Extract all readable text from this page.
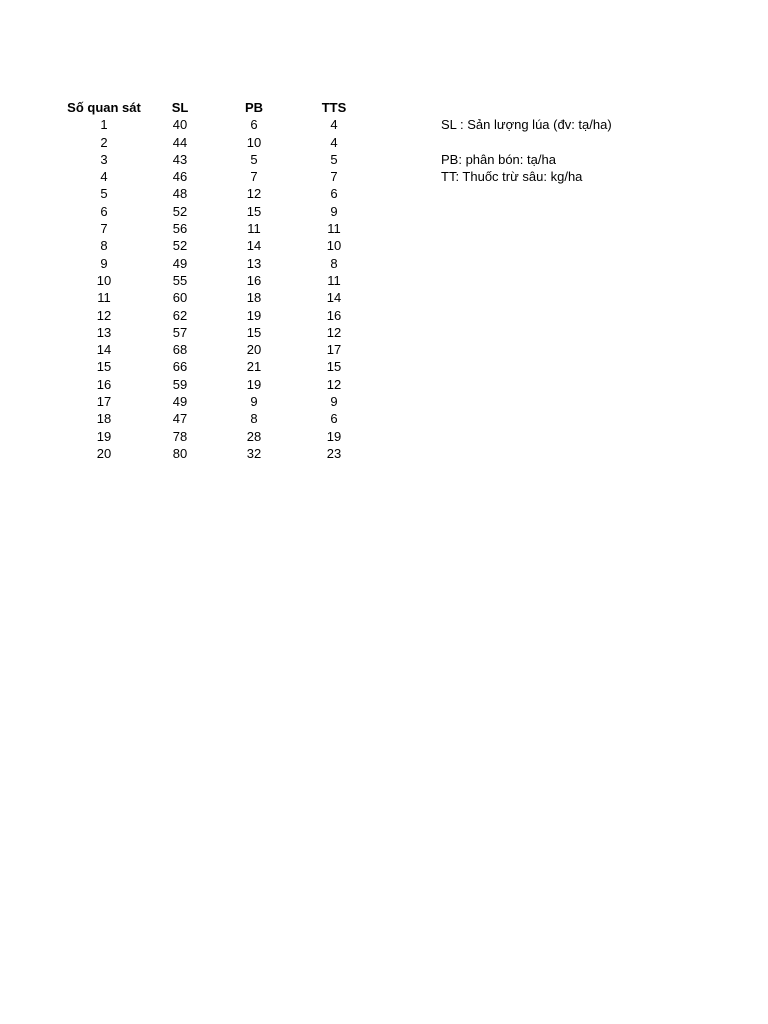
Số quan sát	SL	PB	TTS
1	40	6	4
2	44	10	4
3	43	5	5
4	46	7	7
5	48	12	6
6	52	15	9
7	56	11	11
8	52	14	10
9	49	13	8
10	55	16	11
11	60	18	14
12	62	19	16
13	57	15	12
14	68	20	17
15	66	21	15
16	59	19	12
17	49	9	9
18	47	8	6
19	78	28	19
20	80	32	23
SL : Sản lượng lúa (đv: tạ/ha)
PB: phân bón: tạ/ha
TT: Thuốc trừ sâu: kg/ha
